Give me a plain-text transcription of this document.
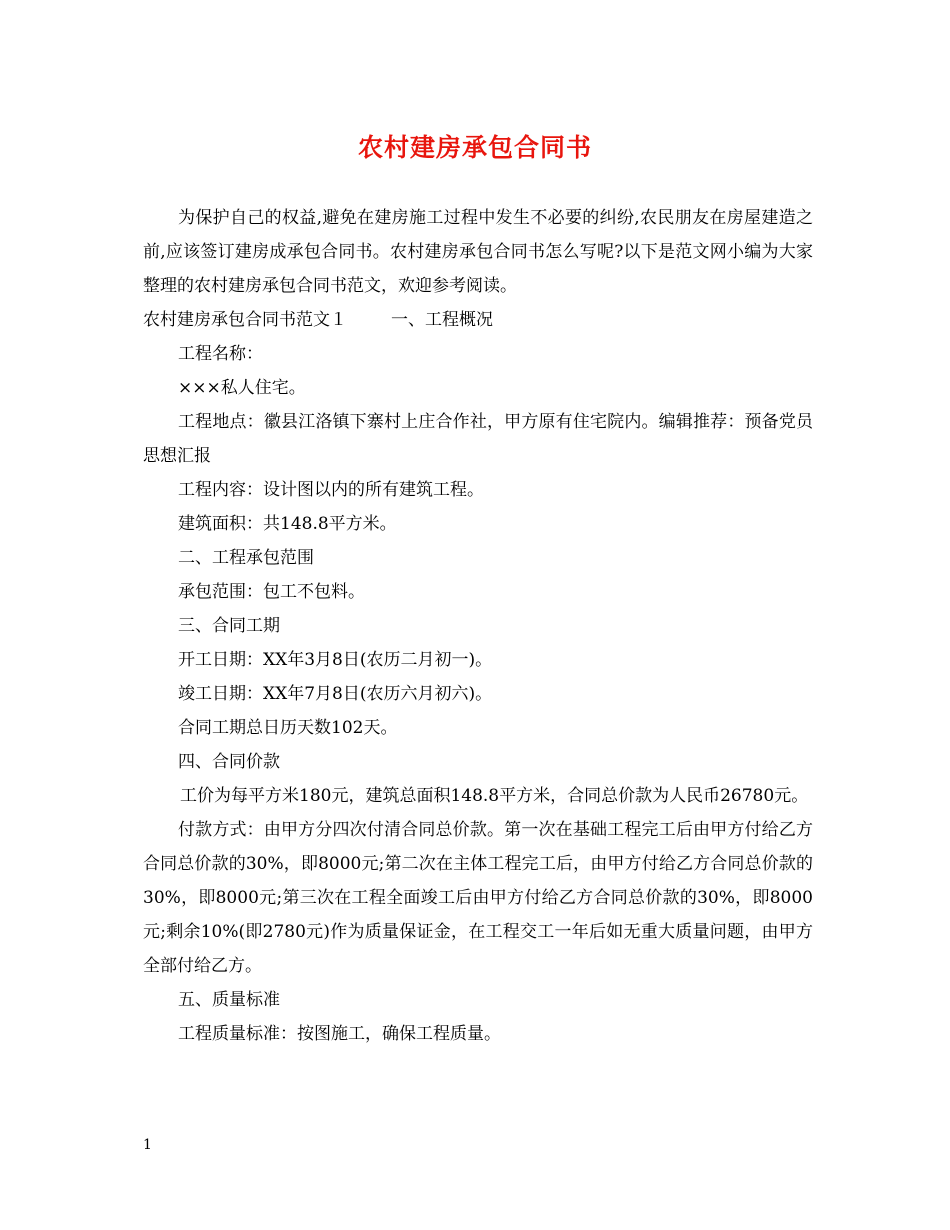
农村建房承包合同书

为保护自己的权益,避免在建房施工过程中发生不必要的纠纷,农民朋友在房屋建造之前,应该签订建房成承包合同书。农村建房承包合同书怎么写呢?以下是范文网小编为大家整理的农村建房承包合同书范文，欢迎参考阅读。

农村建房承包合同书范文１	一、工程概况

工程名称：

×××私人住宅。

工程地点：徽县江洛镇下寨村上庄合作社，甲方原有住宅院内。编辑推荐：预备党员思想汇报

工程内容：设计图以内的所有建筑工程。

建筑面积：共148.8平方米。

二、工程承包范围

承包范围：包工不包料。

三、合同工期

开工日期：XX年3月8日(农历二月初一)。

竣工日期：XX年7月8日(农历六月初六)。

合同工期总日历天数102天。

四、合同价款

工价为每平方米180元，建筑总面积148.8平方米，合同总价款为人民币26780元。

付款方式：由甲方分四次付清合同总价款。第一次在基础工程完工后由甲方付给乙方合同总价款的30%，即8000元;第二次在主体工程完工后，由甲方付给乙方合同总价款的30%，即8000元;第三次在工程全面竣工后由甲方付给乙方合同总价款的30%，即8000元;剩余10%(即2780元)作为质量保证金，在工程交工一年后如无重大质量问题，由甲方全部付给乙方。

五、质量标准

工程质量标准：按图施工，确保工程质量。

1
